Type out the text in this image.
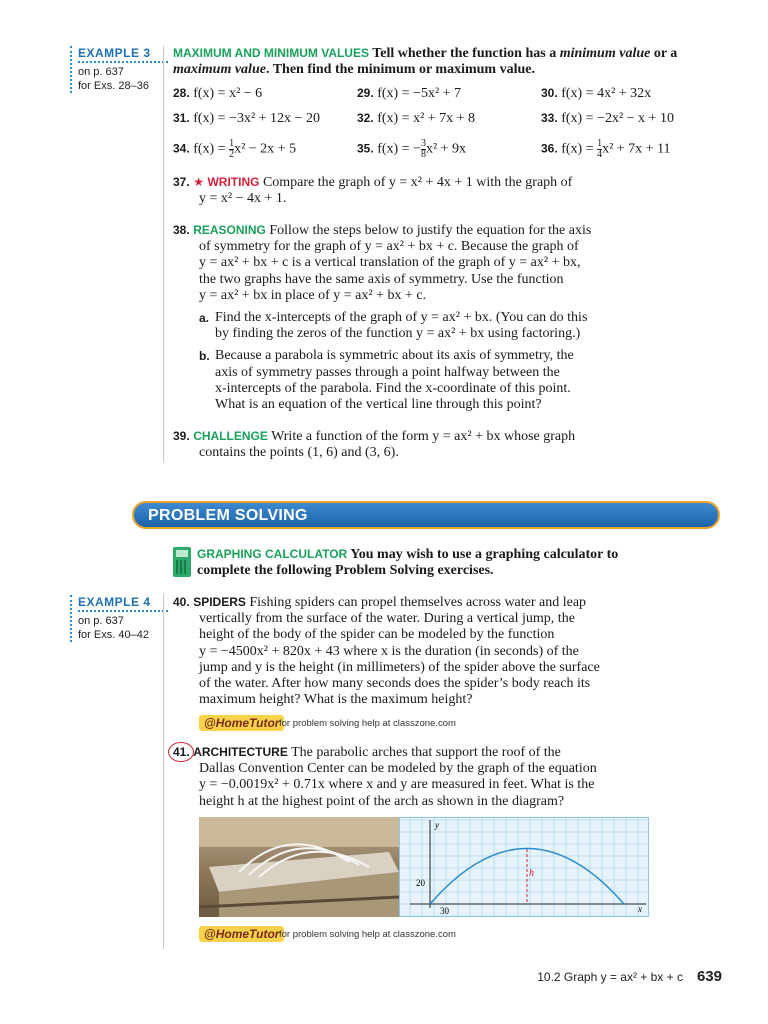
EXAMPLE 3
on p. 637
for Exs. 28–36
MAXIMUM AND MINIMUM VALUES Tell whether the function has a minimum value or a maximum value. Then find the minimum or maximum value.
28. f(x) = x² − 6	29. f(x) = −5x² + 7	30. f(x) = 4x² + 32x
31. f(x) = −3x² + 12x − 20	32. f(x) = x² + 7x + 8	33. f(x) = −2x² − x + 10
34. $f(x) = \frac{1}{2} x^2 - 2x + 5$	35. f(x) = − $\frac{3}{8} x^2 + 9x$	36. $f(x) = \frac{1}{4} x^2 + 7x + 11$

37. ★ WRITING Compare the graph of y = x² + 4x + 1 with the graph of

y = x² − 4x + 1.

38. REASONING Follow the steps below to justify the equation for the axis

of symmetry for the graph of y = ax² + bx + c. Because the graph of

y = ax² + bx + c is a vertical translation of the graph of y = ax² + bx,

the two graphs have the same axis of symmetry. Use the function

y = ax² + bx in place of y = ax² + bx + c.

a. Find the x-intercepts of the graph of y = ax² + bx. (You can do this

by finding the zeros of the function y = ax² + bx using factoring.)

b. Because a parabola is symmetric about its axis of symmetry, the

axis of symmetry passes through a point halfway between the

x-intercepts of the parabola. Find the x-coordinate of this point.

What is an equation of the vertical line through this point?

39. CHALLENGE Write a function of the form y = ax² + bx whose graph

contains the points (1, 6) and (3, 6).

PROBLEM SOLVING

GRAPHING CALCULATOR You may wish to use a graphing calculator to

complete the following Problem Solving exercises.

EXAMPLE 4
on p. 637
for Exs. 40–42

40. SPIDERS Fishing spiders can propel themselves across water and leap

vertically from the surface of the water. During a vertical jump, the

height of the body of the spider can be modeled by the function

y = −4500x² + 820x + 43 where x is the duration (in seconds) of the

jump and y is the height (in millimeters) of the spider above the surface

of the water. After how many seconds does the spider’s body reach its

maximum height? What is the maximum height?

@HomeTutor for problem solving help at classzone.com

41. ARCHITECTURE The parabolic arches that support the roof of the

Dallas Convention Center can be modeled by the graph of the equation

y = −0.0019x² + 0.71x where x and y are measured in feet. What is the

height h at the highest point of the arch as shown in the diagram?

y
x
20
30
h
@HomeTutor for problem solving help at classzone.com
10.2 Graph y = ax² + bx + c 639
